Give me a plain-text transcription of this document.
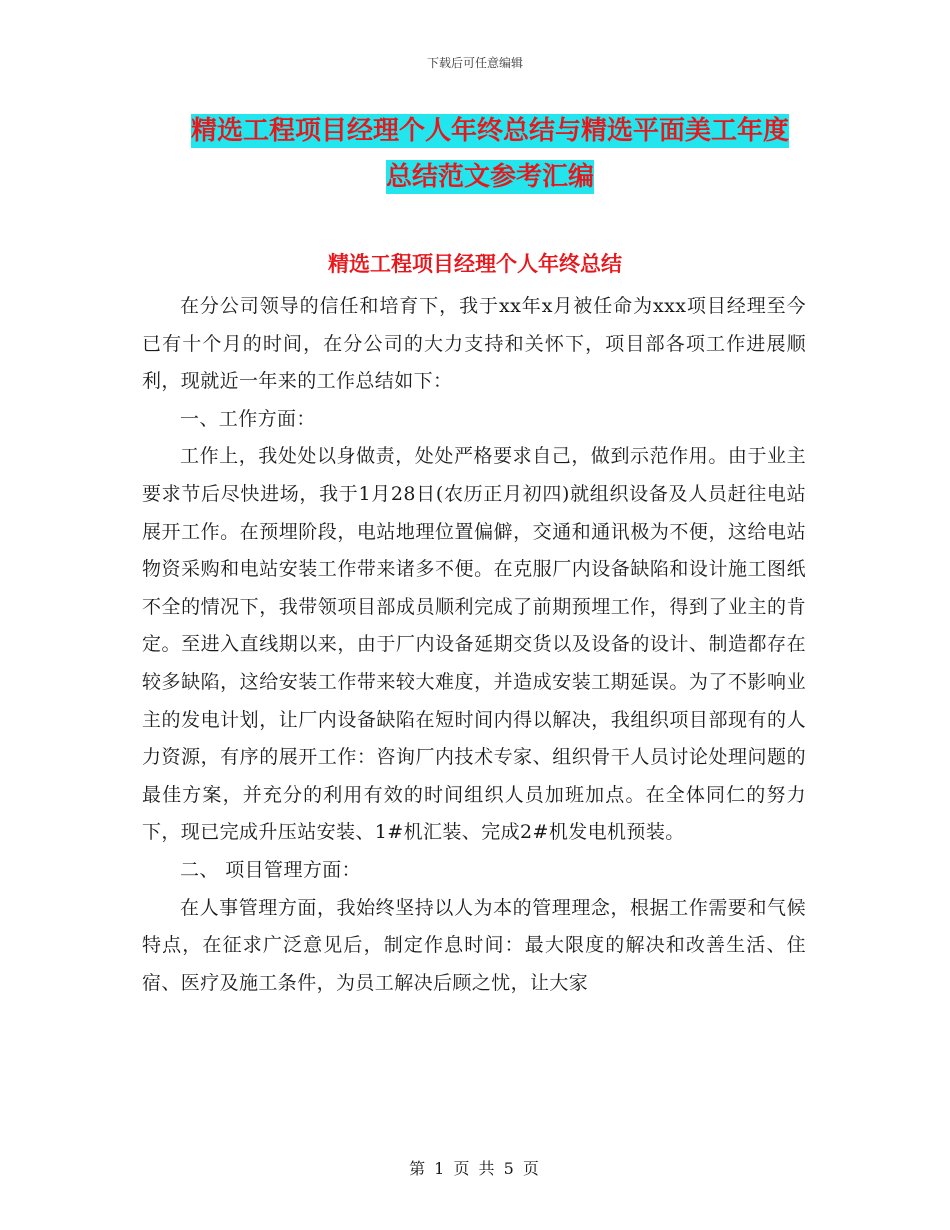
下载后可任意编辑
精选工程项目经理个人年终总结与精选平面美工年度
总结范文参考汇编
精选工程项目经理个人年终总结

在分公司领导的信任和培育下，我于xx年x月被任命为xxx项目经理至今已有十个月的时间，在分公司的大力支持和关怀下，项目部各项工作进展顺利，现就近一年来的工作总结如下：

一、工作方面：

工作上，我处处以身做责，处处严格要求自己，做到示范作用。由于业主要求节后尽快进场，我于1月28日(农历正月初四)就组织设备及人员赶往电站展开工作。在预埋阶段，电站地理位置偏僻，交通和通讯极为不便，这给电站物资采购和电站安装工作带来诸多不便。在克服厂内设备缺陷和设计施工图纸不全的情况下，我带领项目部成员顺利完成了前期预埋工作，得到了业主的肯定。至进入直线期以来，由于厂内设备延期交货以及设备的设计、制造都存在较多缺陷，这给安装工作带来较大难度，并造成安装工期延误。为了不影响业主的发电计划，让厂内设备缺陷在短时间内得以解决，我组织项目部现有的人力资源，有序的展开工作：咨询厂内技术专家、组织骨干人员讨论处理问题的最佳方案，并充分的利用有效的时间组织人员加班加点。在全体同仁的努力下，现已完成升压站安装、1#机汇装、完成2#机发电机预装。

二、 项目管理方面：

在人事管理方面，我始终坚持以人为本的管理理念，根据工作需要和气候特点，在征求广泛意见后，制定作息时间：最大限度的解决和改善生活、住宿、医疗及施工条件，为员工解决后顾之忧，让大家

第 1 页 共 5 页
